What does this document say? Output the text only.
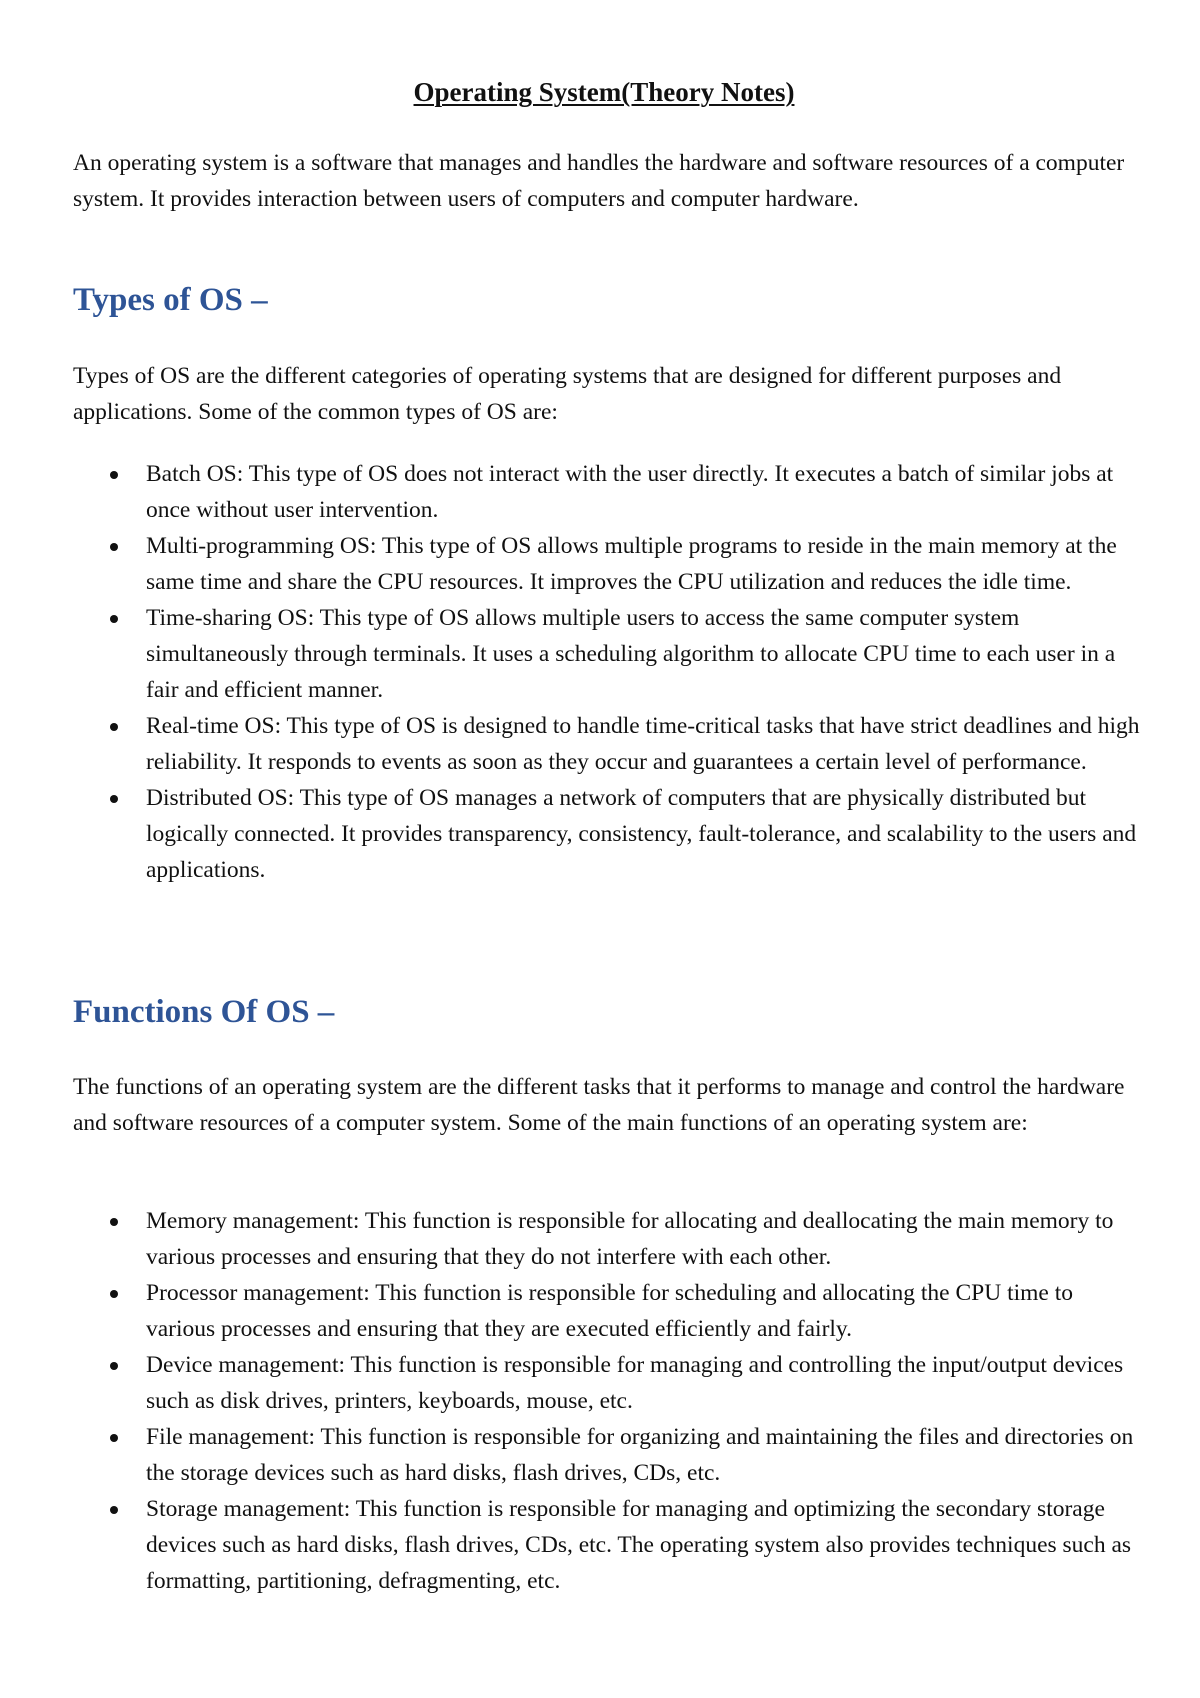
Operating System(Theory Notes)

An operating system is a software that manages and handles the hardware and software resources of a computer system. It provides interaction between users of computers and computer hardware.

Types of OS –

Types of OS are the different categories of operating systems that are designed for different purposes and applications. Some of the common types of OS are:

Batch OS: This type of OS does not interact with the user directly. It executes a batch of similar jobs at once without user intervention.
Multi-programming OS: This type of OS allows multiple programs to reside in the main memory at the same time and share the CPU resources. It improves the CPU utilization and reduces the idle time.
Time-sharing OS: This type of OS allows multiple users to access the same computer system simultaneously through terminals. It uses a scheduling algorithm to allocate CPU time to each user in a fair and efficient manner.
Real-time OS: This type of OS is designed to handle time-critical tasks that have strict deadlines and high reliability. It responds to events as soon as they occur and guarantees a certain level of performance.
Distributed OS: This type of OS manages a network of computers that are physically distributed but logically connected. It provides transparency, consistency, fault-tolerance, and scalability to the users and applications.
Functions Of OS –

The functions of an operating system are the different tasks that it performs to manage and control the hardware and software resources of a computer system. Some of the main functions of an operating system are:

Memory management: This function is responsible for allocating and deallocating the main memory to various processes and ensuring that they do not interfere with each other.
Processor management: This function is responsible for scheduling and allocating the CPU time to various processes and ensuring that they are executed efficiently and fairly.
Device management: This function is responsible for managing and controlling the input/output devices such as disk drives, printers, keyboards, mouse, etc.
File management: This function is responsible for organizing and maintaining the files and directories on the storage devices such as hard disks, flash drives, CDs, etc.
Storage management: This function is responsible for managing and optimizing the secondary storage devices such as hard disks, flash drives, CDs, etc. The operating system also provides techniques such as formatting, partitioning, defragmenting, etc.
